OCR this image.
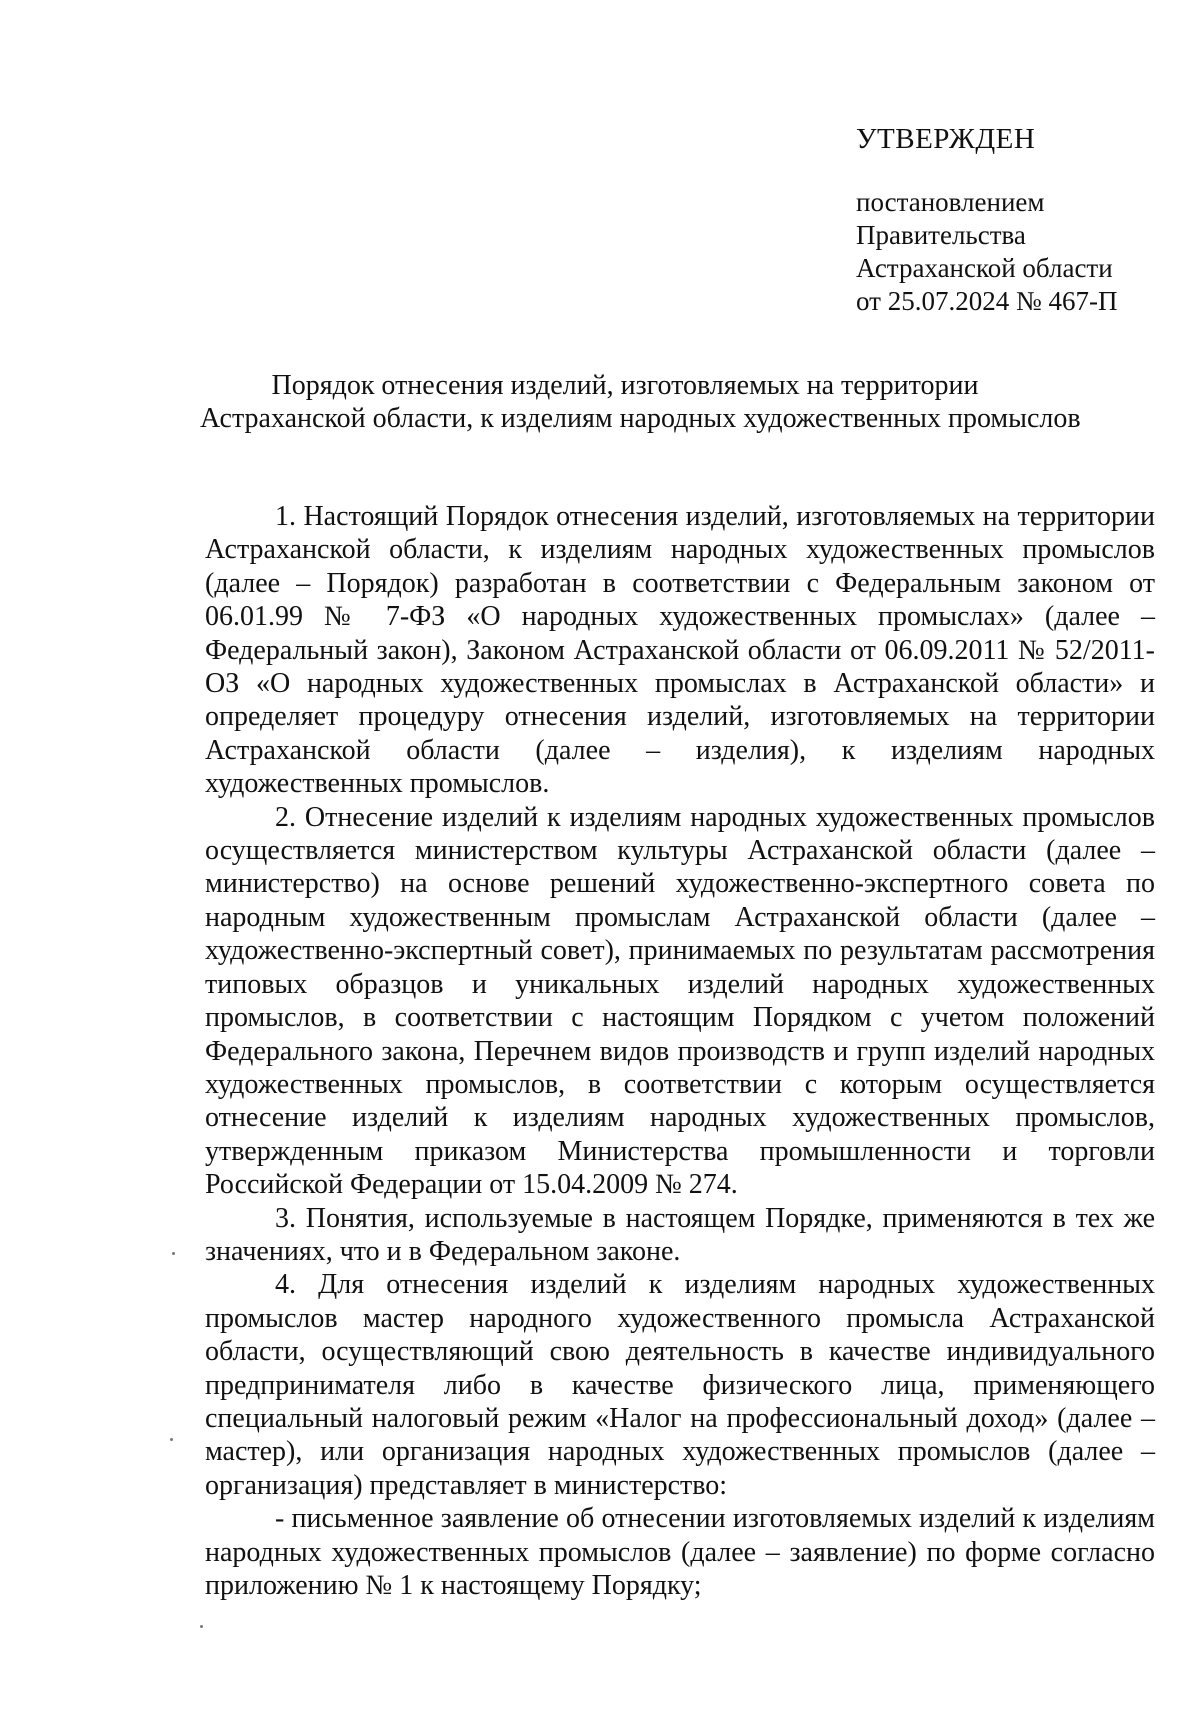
УТВЕРЖДЕН
постановлением
Правительства
Астраханской области
от 25.07.2024 № 467-П
Порядок отнесения изделий, изготовляемых на территории
Астраханской области, к изделиям народных художественных промыслов

1. Настоящий Порядок отнесения изделий, изготовляемых на территории Астраханской области, к изделиям народных художественных промыслов (далее – Порядок) разработан в соответствии с Федеральным законом от 06.01.99 № 7-ФЗ «О народных художественных промыслах» (далее – Федеральный закон), Законом Астраханской области от 06.09.2011 № 52/2011-ОЗ «О народных художественных промыслах в Астраханской области» и определяет процедуру отнесения изделий, изготовляемых на территории Астраханской области (далее – изделия), к изделиям народных художественных промыслов.

2. Отнесение изделий к изделиям народных художественных промыслов осуществляется министерством культуры Астраханской области (далее – министерство) на основе решений художественно-экспертного совета по народным художественным промыслам Астраханской области (далее – художественно-экспертный совет), принимаемых по результатам рассмотрения типовых образцов и уникальных изделий народных художественных промыслов, в соответствии с настоящим Порядком с учетом положений Федерального закона, Перечнем видов производств и групп изделий народных художественных промыслов, в соответствии с которым осуществляется отнесение изделий к изделиям народных художественных промыслов, утвержденным приказом Министерства промышленности и торговли Российской Федерации от 15.04.2009 № 274.

3. Понятия, используемые в настоящем Порядке, применяются в тех же значениях, что и в Федеральном законе.

4. Для отнесения изделий к изделиям народных художественных промыслов мастер народного художественного промысла Астраханской области, осуществляющий свою деятельность в качестве индивидуального предпринимателя либо в качестве физического лица, применяющего специальный налоговый режим «Налог на профессиональный доход» (далее – мастер), или организация народных художественных промыслов (далее – организация) представляет в министерство:

- письменное заявление об отнесении изготовляемых изделий к изделиям народных художественных промыслов (далее – заявление) по форме согласно приложению № 1 к настоящему Порядку;
